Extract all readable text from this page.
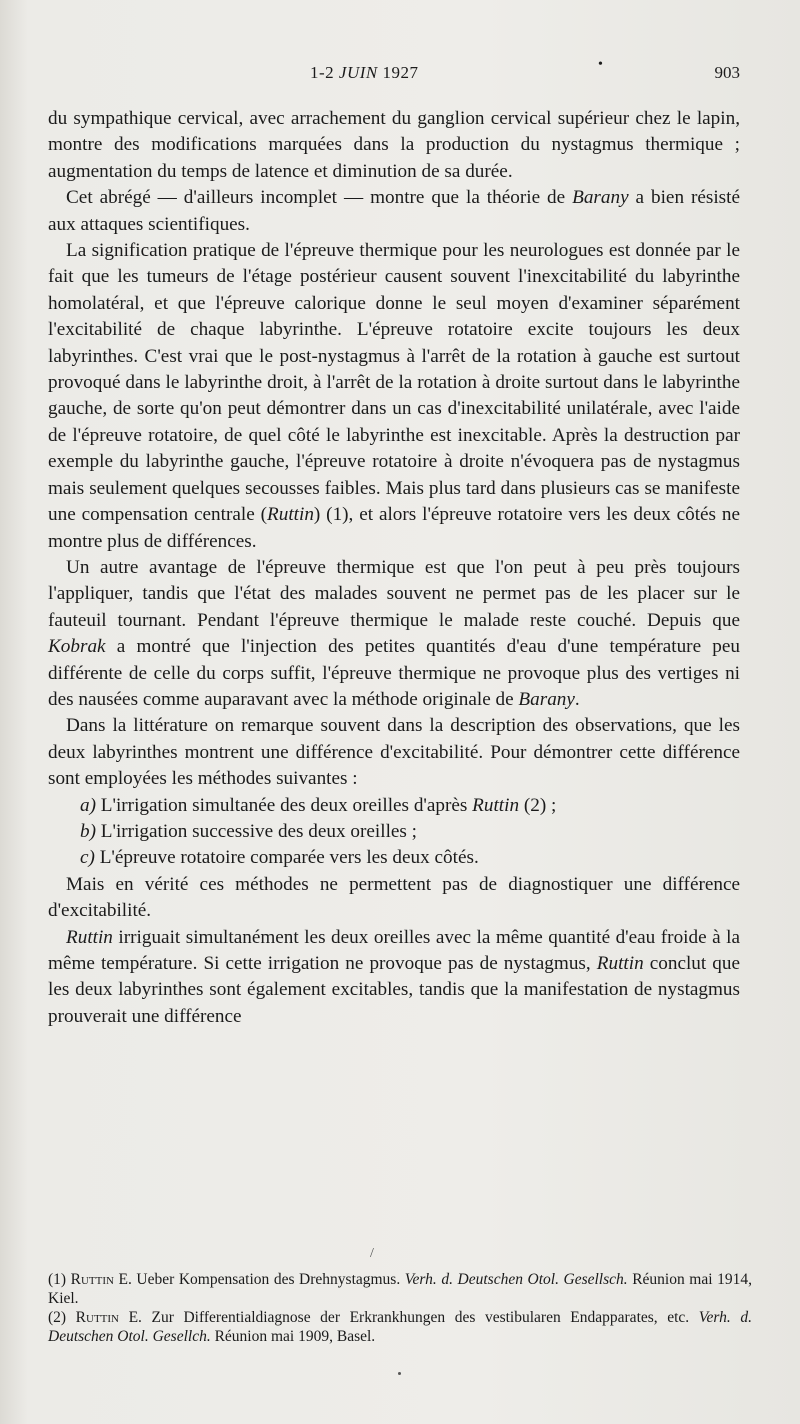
1-2 JUIN 1927	•	903

du sympathique cervical, avec arrachement du ganglion cervical supérieur chez le lapin, montre des modifications marquées dans la production du nystagmus thermique ; augmentation du temps de latence et diminution de sa durée.

Cet abrégé — d'ailleurs incomplet — montre que la théorie de Barany a bien résisté aux attaques scientifiques.

La signification pratique de l'épreuve thermique pour les neurologues est donnée par le fait que les tumeurs de l'étage postérieur causent souvent l'inexcitabilité du labyrinthe homolatéral, et que l'épreuve calorique donne le seul moyen d'examiner séparément l'excitabilité de chaque labyrinthe. L'épreuve rotatoire excite toujours les deux labyrinthes. C'est vrai que le post-nystagmus à l'arrêt de la rotation à gauche est surtout provoqué dans le labyrinthe droit, à l'arrêt de la rotation à droite surtout dans le labyrinthe gauche, de sorte qu'on peut démontrer dans un cas d'inexcitabilité unilatérale, avec l'aide de l'épreuve rotatoire, de quel côté le labyrinthe est inexcitable. Après la destruction par exemple du labyrinthe gauche, l'épreuve rotatoire à droite n'évoquera pas de nystagmus mais seulement quelques secousses faibles. Mais plus tard dans plusieurs cas se manifeste une compensation centrale (Ruttin) (1), et alors l'épreuve rotatoire vers les deux côtés ne montre plus de différences.

Un autre avantage de l'épreuve thermique est que l'on peut à peu près toujours l'appliquer, tandis que l'état des malades souvent ne permet pas de les placer sur le fauteuil tournant. Pendant l'épreuve thermique le malade reste couché. Depuis que Kobrak a montré que l'injection des petites quantités d'eau d'une température peu différente de celle du corps suffit, l'épreuve thermique ne provoque plus des vertiges ni des nausées comme auparavant avec la méthode originale de Barany.

Dans la littérature on remarque souvent dans la description des observations, que les deux labyrinthes montrent une différence d'excitabilité. Pour démontrer cette différence sont employées les méthodes suivantes :

a) L'irrigation simultanée des deux oreilles d'après Ruttin (2) ;

b) L'irrigation successive des deux oreilles ;

c) L'épreuve rotatoire comparée vers les deux côtés.

Mais en vérité ces méthodes ne permettent pas de diagnostiquer une différence d'excitabilité.

Ruttin irriguait simultanément les deux oreilles avec la même quantité d'eau froide à la même température. Si cette irrigation ne provoque pas de nystagmus, Ruttin conclut que les deux labyrinthes sont également excitables, tandis que la manifestation de nystagmus prouverait une différence

/

(1) Ruttin E. Ueber Kompensation des Drehnystagmus. Verh. d. Deutschen Otol. Gesellsch. Réunion mai 1914, Kiel.

(2) Ruttin E. Zur Differentialdiagnose der Erkrankhungen des vestibularen Endapparates, etc. Verh. d. Deutschen Otol. Gesellch. Réunion mai 1909, Basel.
